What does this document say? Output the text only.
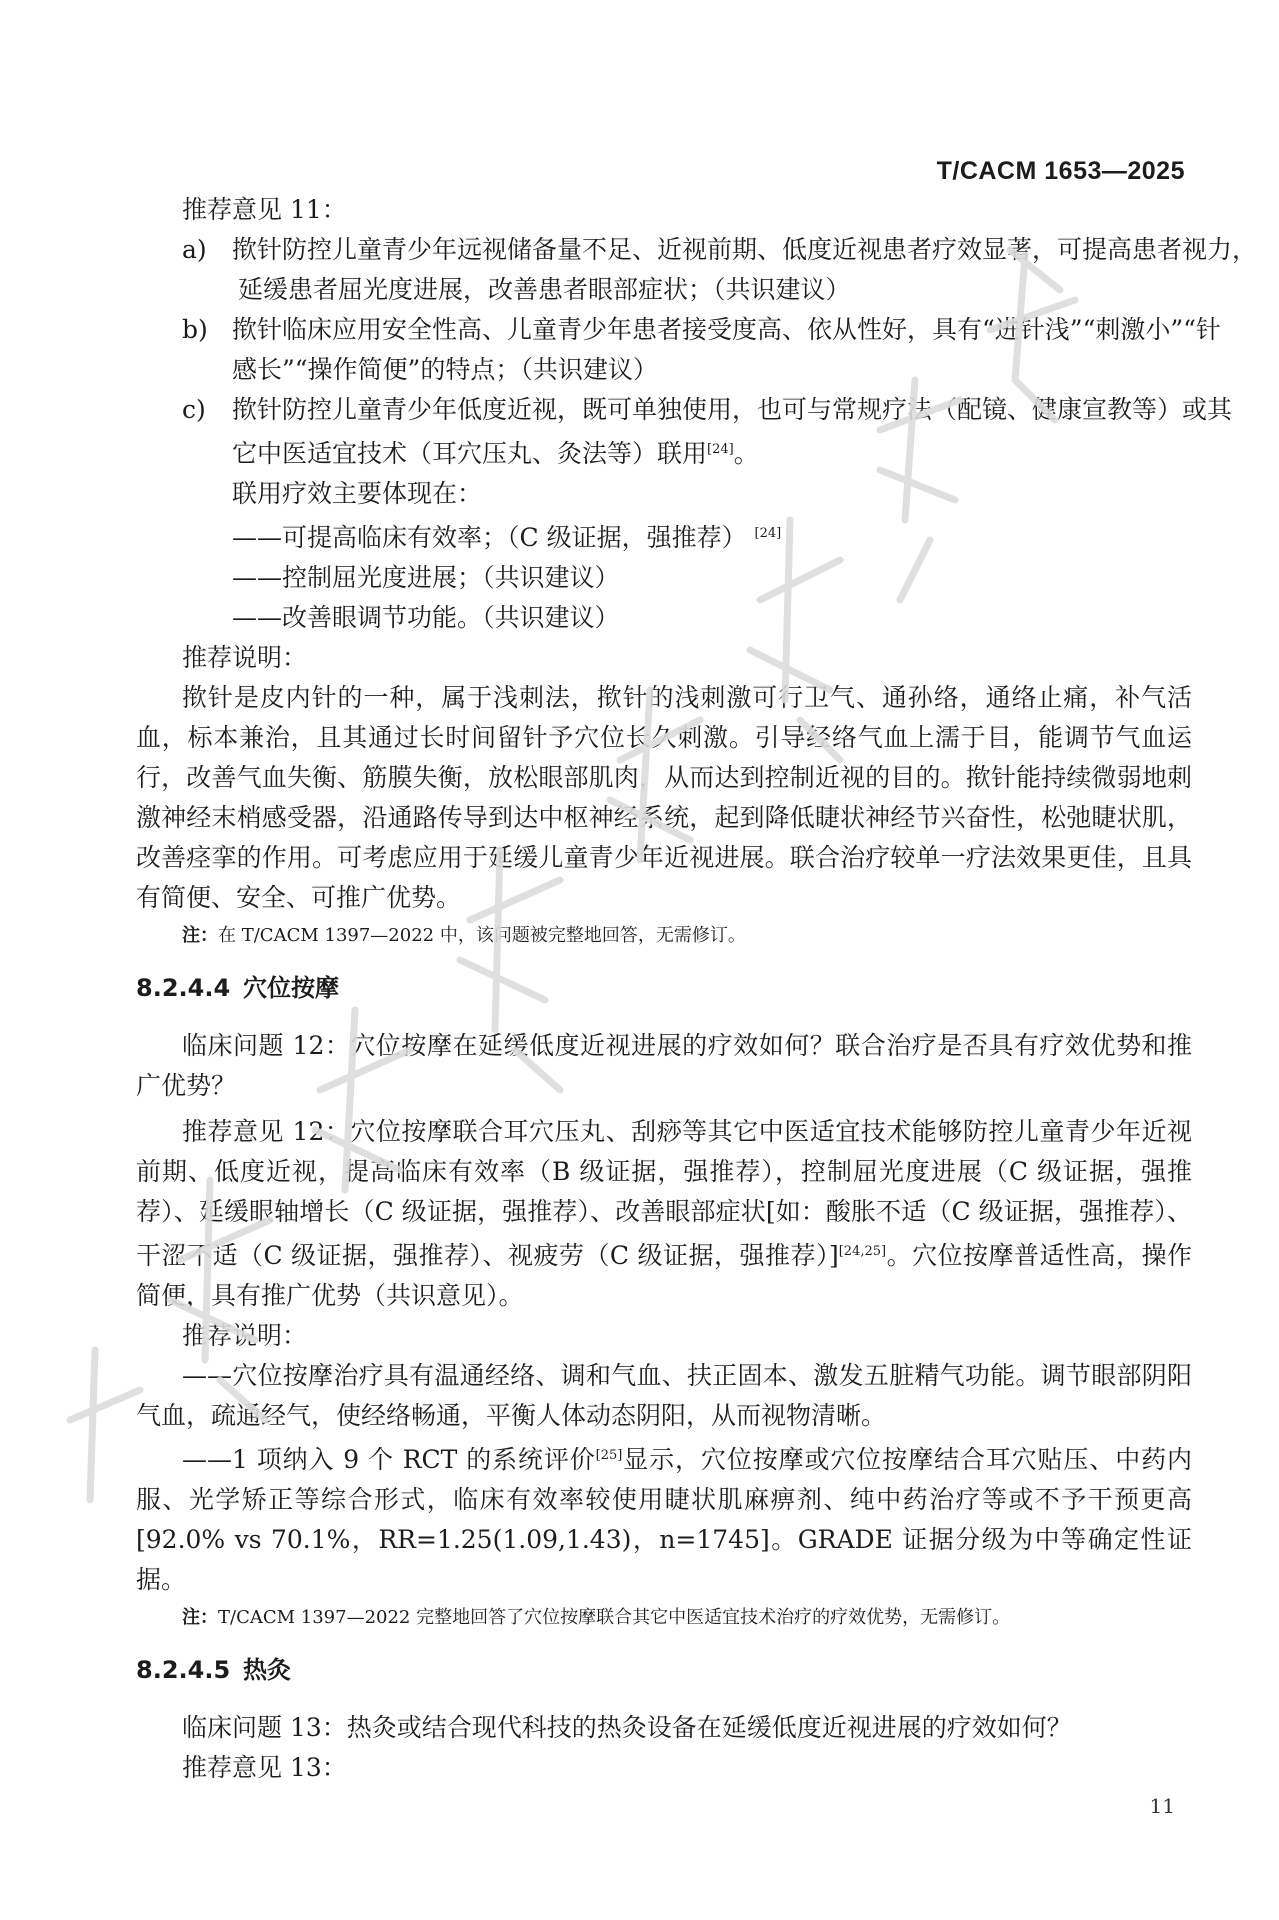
T/CACM 1653—2025
推荐意见 11：
a)	揿针防控儿童青少年远视储备量不足、近视前期、低度近视患者疗效显著，可提高患者视力，
延缓患者屈光度进展，改善患者眼部症状；（共识建议）
b) 揿针临床应用安全性高、儿童青少年患者接受度高、依从性好，具有“进针浅”“刺激小”“针
感长”“操作简便”的特点；（共识建议）
c)	揿针防控儿童青少年低度近视，既可单独使用，也可与常规疗法（配镜、健康宣教等）或其
它中医适宜技术（耳穴压丸、灸法等）联用[24]。
联用疗效主要体现在：
——可提高临床有效率；（C 级证据，强推荐） [24]
——控制屈光度进展；（共识建议）
——改善眼调节功能。（共识建议）
推荐说明：
揿针是皮内针的一种，属于浅刺法，揿针的浅刺激可行卫气、通孙络，通络止痛，补气活血，标本兼治，且其通过长时间留针予穴位长久刺激。引导经络气血上濡于目，能调节气血运行，改善气血失衡、筋膜失衡，放松眼部肌肉，从而达到控制近视的目的。揿针能持续微弱地刺激神经末梢感受器，沿通路传导到达中枢神经系统，起到降低睫状神经节兴奋性，松弛睫状肌，改善痉挛的作用。可考虑应用于延缓儿童青少年近视进展。联合治疗较单一疗法效果更佳，且具有简便、安全、可推广优势。
注：在 T/CACM 1397—2022 中，该问题被完整地回答，无需修订。
8.2.4.4 穴位按摩
临床问题 12：穴位按摩在延缓低度近视进展的疗效如何？联合治疗是否具有疗效优势和推广优势？
推荐意见 12：穴位按摩联合耳穴压丸、刮痧等其它中医适宜技术能够防控儿童青少年近视前期、低度近视，提高临床有效率（B 级证据，强推荐），控制屈光度进展（C 级证据，强推荐）、延缓眼轴增长（C 级证据，强推荐）、改善眼部症状[如：酸胀不适（C 级证据，强推荐）、干涩不适（C 级证据，强推荐）、视疲劳（C 级证据，强推荐）][24,25]。穴位按摩普适性高，操作简便，具有推广优势（共识意见）。
推荐说明：
——穴位按摩治疗具有温通经络、调和气血、扶正固本、激发五脏精气功能。调节眼部阴阳气血，疏通经气，使经络畅通，平衡人体动态阴阳，从而视物清晰。
——1 项纳入 9 个 RCT 的系统评价[25]显示，穴位按摩或穴位按摩结合耳穴贴压、中药内服、光学矫正等综合形式，临床有效率较使用睫状肌麻痹剂、纯中药治疗等或不予干预更高[92.0% vs 70.1%，RR=1.25(1.09,1.43)，n=1745]。GRADE 证据分级为中等确定性证据。
注：T/CACM 1397—2022 完整地回答了穴位按摩联合其它中医适宜技术治疗的疗效优势，无需修订。
8.2.4.5 热灸
临床问题 13：热灸或结合现代科技的热灸设备在延缓低度近视进展的疗效如何？
推荐意见 13：
11
